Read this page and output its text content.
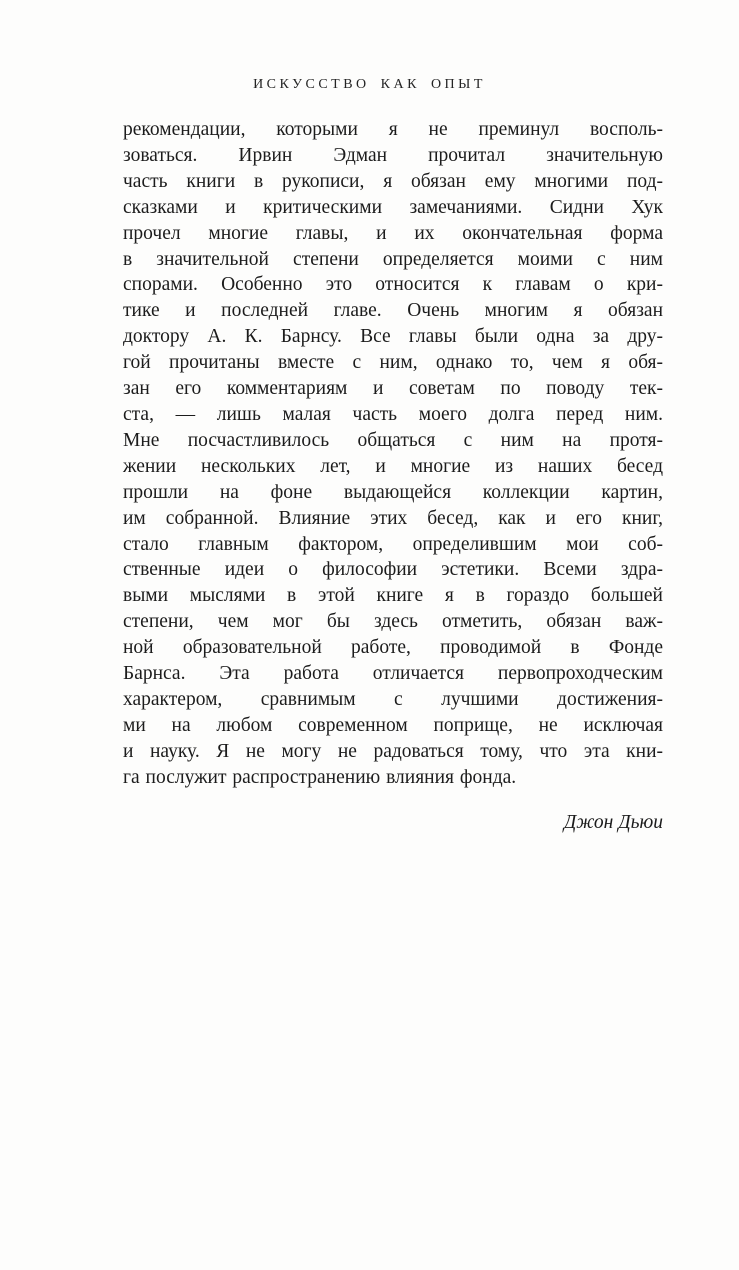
ИСКУССТВО КАК ОПЫТ
рекомендации, которыми я не преминул восполь-
зоваться. Ирвин Эдман прочитал значительную
часть книги в рукописи, я обязан ему многими под-
сказками и критическими замечаниями. Сидни Хук
прочел многие главы, и их окончательная форма
в значительной степени определяется моими с ним
спорами. Особенно это относится к главам о кри-
тике и последней главе. Очень многим я обязан
доктору А. К. Барнсу. Все главы были одна за дру-
гой прочитаны вместе с ним, однако то, чем я обя-
зан его комментариям и советам по поводу тек-
ста, — лишь малая часть моего долга перед ним.
Мне посчастливилось общаться с ним на протя-
жении нескольких лет, и многие из наших бесед
прошли на фоне выдающейся коллекции картин,
им собранной. Влияние этих бесед, как и его книг,
стало главным фактором, определившим мои соб-
ственные идеи о философии эстетики. Всеми здра-
выми мыслями в этой книге я в гораздо большей
степени, чем мог бы здесь отметить, обязан важ-
ной образовательной работе, проводимой в Фонде
Барнса. Эта работа отличается первопроходческим
характером, сравнимым с лучшими достижения-
ми на любом современном поприще, не исключая
и науку. Я не могу не радоваться тому, что эта кни-
га послужит распространению влияния фонда.
Джон Дьюи
